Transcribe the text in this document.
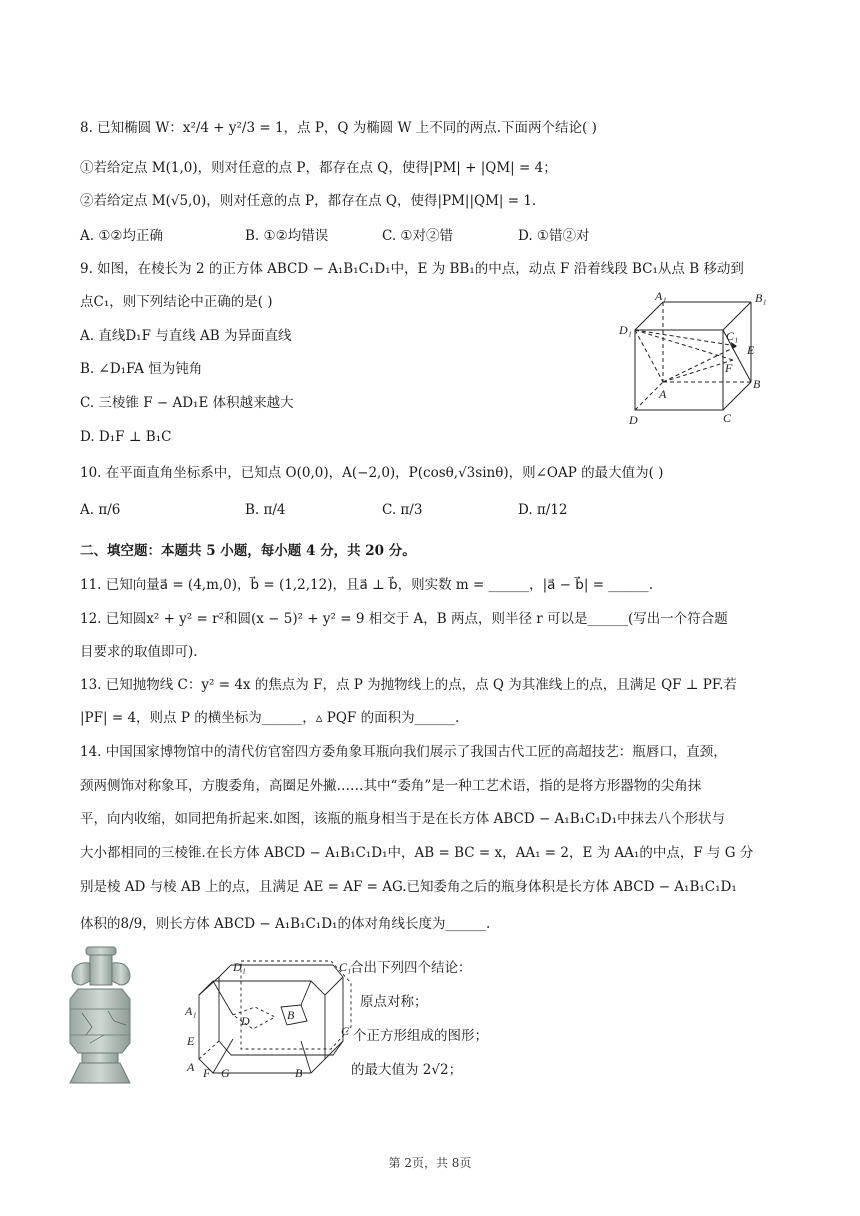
8. 已知椭圆 W：x²/4 + y²/3 = 1，点 P，Q 为椭圆 W 上不同的两点.下面两个结论( )
①若给定点 M(1,0)，则对任意的点 P，都存在点 Q，使得|PM| + |QM| = 4；
②若给定点 M(√5,0)，则对任意的点 P，都存在点 Q，使得|PM||QM| = 1.
A. ①②均正确	B. ①②均错误	C. ①对②错	D. ①错②对
9. 如图，在棱长为 2 的正方体 ABCD − A₁B₁C₁D₁中，E 为 BB₁的中点，动点 F 沿着线段 BC₁从点 B 移动到
点C₁，则下列结论中正确的是( )
A. 直线D₁F 与直线 AB 为异面直线
B. ∠D₁FA 恒为钝角
C. 三棱锥 F − AD₁E 体积越来越大
D. D₁F ⊥ B₁C
A₁	B₁
D₁	C₁
E
F
A
B
D	C
10. 在平面直角坐标系中，已知点 O(0,0)，A(−2,0)，P(cosθ,√3sinθ)，则∠OAP 的最大值为( )
A. π/6	B. π/4	C. π/3	D. π/12
二、填空题：本题共 5 小题，每小题 4 分，共 20 分。
11. 已知向量a⃗ = (4,m,0)，b⃗ = (1,2,12)，且a⃗ ⊥ b⃗，则实数 m = ______，|a⃗ − b⃗| = ______.
12. 已知圆x² + y² = r²和圆(x − 5)² + y² = 9 相交于 A，B 两点，则半径 r 可以是______(写出一个符合题
目要求的取值即可).
13. 已知抛物线 C：y² = 4x 的焦点为 F，点 P 为抛物线上的点，点 Q 为其准线上的点，且满足 QF ⊥ PF.若
|PF| = 4，则点 P 的横坐标为______，▵ PQF 的面积为______.
14. 中国国家博物馆中的清代仿官窑四方委角象耳瓶向我们展示了我国古代工匠的高超技艺：瓶唇口，直颈，
颈两侧饰对称象耳，方腹委角，高圈足外撇……其中“委角”是一种工艺术语，指的是将方形器物的尖角抹
平，向内收缩，如同把角折起来.如图，该瓶的瓶身相当于是在长方体 ABCD − A₁B₁C₁D₁中抹去八个形状与
大小都相同的三棱锥.在长方体 ABCD − A₁B₁C₁D₁中，AB = BC = x，AA₁ = 2，E 为 AA₁的中点，F 与 G 分
别是棱 AD 与棱 AB 上的点，且满足 AE = AF = AG.已知委角之后的瓶身体积是长方体 ABCD − A₁B₁C₁D₁
体积的8/9，则长方体 ABCD − A₁B₁C₁D₁的体对角线长度为______.
D₁	C₁
A₁
D	B
C
E
A F G	B
合出下列四个结论：
原点对称；
个正方形组成的图形；
的最大值为 2√2；
第 2页，共 8页
